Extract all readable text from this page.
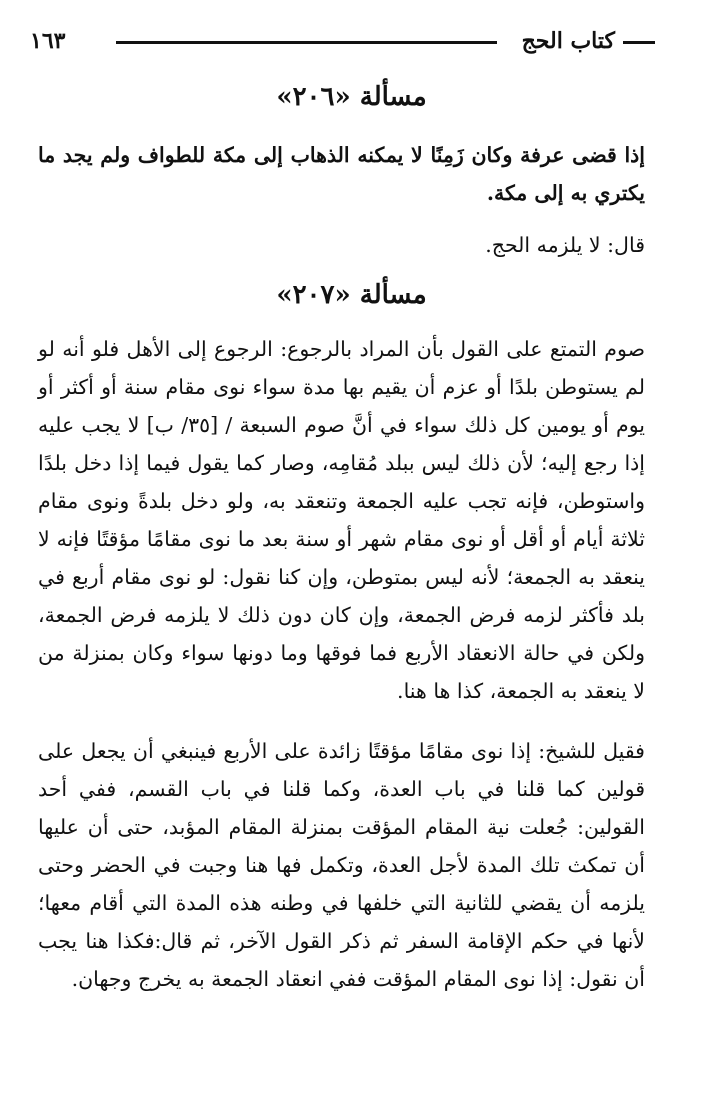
١٦٣	كتاب الحج
مسألة «٢٠٦»
إذا قضى عرفة وكان زَمِنًا لا يمكنه الذهاب إلى مكة للطواف ولم يجد ما يكتري به إلى مكة.
قال: لا يلزمه الحج.
مسألة «٢٠٧»
صوم التمتع على القول بأن المراد بالرجوع: الرجوع إلى الأهل فلو أنه لو لم يستوطن بلدًا أو عزم أن يقيم بها مدة سواء نوى مقام سنة أو أكثر أو يوم أو يومين كل ذلك سواء في أنَّ صوم السبعة / [٣٥/ ب] لا يجب عليه إذا رجع إليه؛ لأن ذلك ليس ببلد مُقامِه، وصار كما يقول فيما إذا دخل بلدًا واستوطن، فإنه تجب عليه الجمعة وتنعقد به، ولو دخل بلدةً ونوى مقام ثلاثة أيام أو أقل أو نوى مقام شهر أو سنة بعد ما نوى مقامًا مؤقتًا فإنه لا ينعقد به الجمعة؛ لأنه ليس بمتوطن، وإن كنا نقول: لو نوى مقام أربع في بلد فأكثر لزمه فرض الجمعة، وإن كان دون ذلك لا يلزمه فرض الجمعة، ولكن في حالة الانعقاد الأربع فما فوقها وما دونها سواء وكان بمنزلة من لا ينعقد به الجمعة، كذا ها هنا.
فقيل للشيخ: إذا نوى مقامًا مؤقتًا زائدة على الأربع فينبغي أن يجعل على قولين كما قلنا في باب العدة، وكما قلنا في باب القسم، ففي أحد القولين: جُعلت نية المقام المؤقت بمنزلة المقام المؤبد، حتى أن عليها أن تمكث تلك المدة لأجل العدة، وتكمل فها هنا وجبت في الحضر وحتى يلزمه أن يقضي للثانية التي خلفها في وطنه هذه المدة التي أقام معها؛ لأنها في حكم الإقامة السفر ثم ذكر القول الآخر، ثم قال:فكذا هنا يجب أن نقول: إذا نوى المقام المؤقت ففي انعقاد الجمعة به يخرج وجهان.
